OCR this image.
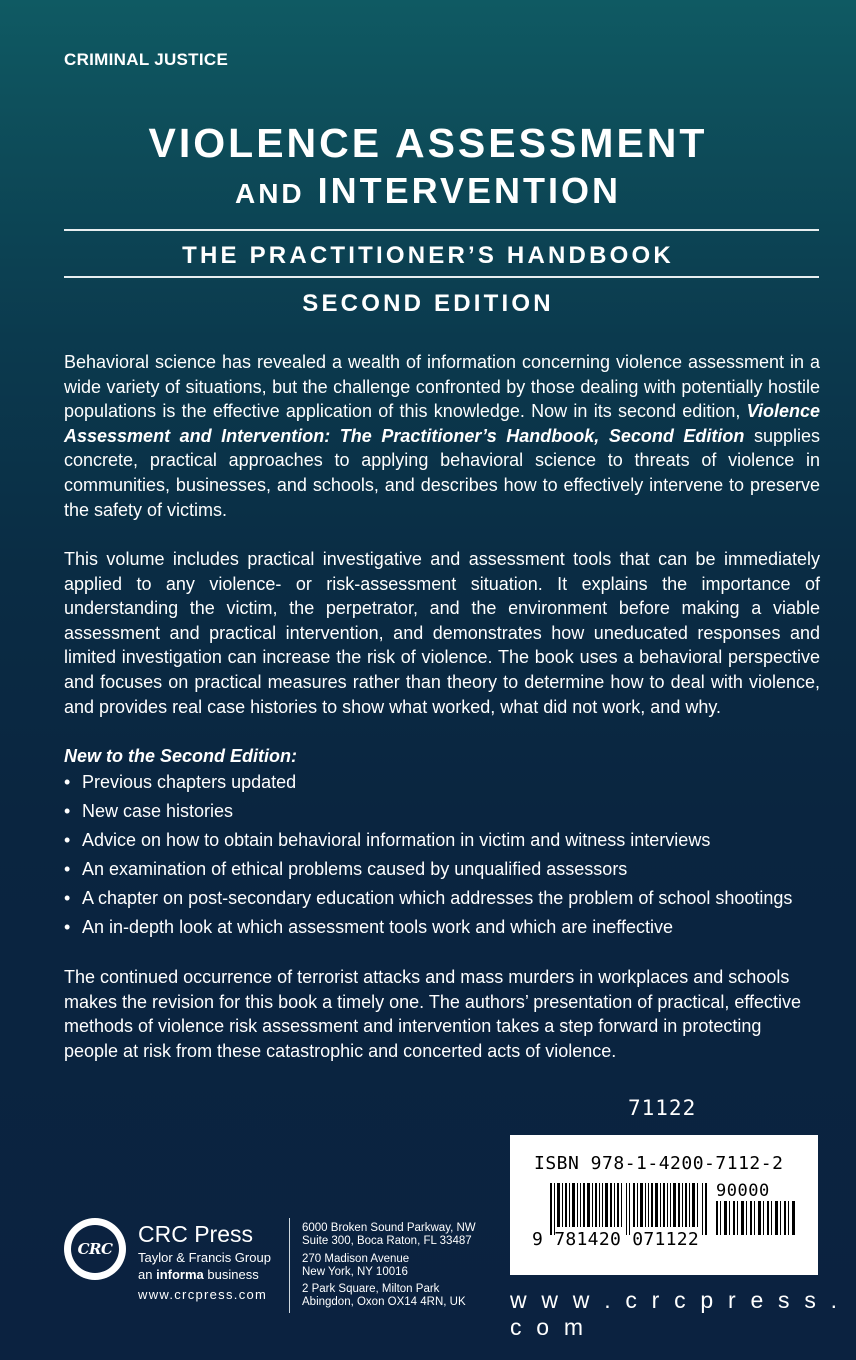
CRIMINAL JUSTICE
VIOLENCE ASSESSMENT
AND INTERVENTION
THE PRACTITIONER’S HANDBOOK
SECOND EDITION
Behavioral science has revealed a wealth of information concerning violence assessment in a wide variety of situations, but the challenge confronted by those dealing with potentially hostile populations is the effective application of this knowledge. Now in its second edition, Violence Assessment and Intervention: The Practitioner’s Handbook, Second Edition supplies concrete, practical approaches to applying behavioral science to threats of violence in communities, businesses, and schools, and describes how to effectively intervene to preserve the safety of victims.
This volume includes practical investigative and assessment tools that can be immediately applied to any violence- or risk-assessment situation. It explains the importance of understanding the victim, the perpetrator, and the environment before making a viable assessment and practical intervention, and demonstrates how uneducated responses and limited investigation can increase the risk of violence. The book uses a behavioral perspective and focuses on practical measures rather than theory to determine how to deal with violence, and provides real case histories to show what worked, what did not work, and why.
New to the Second Edition:
• Previous chapters updated
• New case histories
• Advice on how to obtain behavioral information in victim and witness interviews
• An examination of ethical problems caused by unqualified assessors
• A chapter on post-secondary education which addresses the problem of school shootings
• An in-depth look at which assessment tools work and which are ineffective
The continued occurrence of terrorist attacks and mass murders in workplaces and schools makes the revision for this book a timely one. The authors’ presentation of practical, effective methods of violence risk assessment and intervention takes a step forward in protecting people at risk from these catastrophic and concerted acts of violence.
71122
ISBN 978-1-4200-7112-2
90000
9 781420 071122
CRC
CRC Press
Taylor & Francis Group
an informa business
www.crcpress.com
6000 Broken Sound Parkway, NW
Suite 300, Boca Raton, FL 33487
270 Madison Avenue
New York, NY 10016
2 Park Square, Milton Park
Abingdon, Oxon OX14 4RN, UK w w w . c r c p r e s s . c o m
